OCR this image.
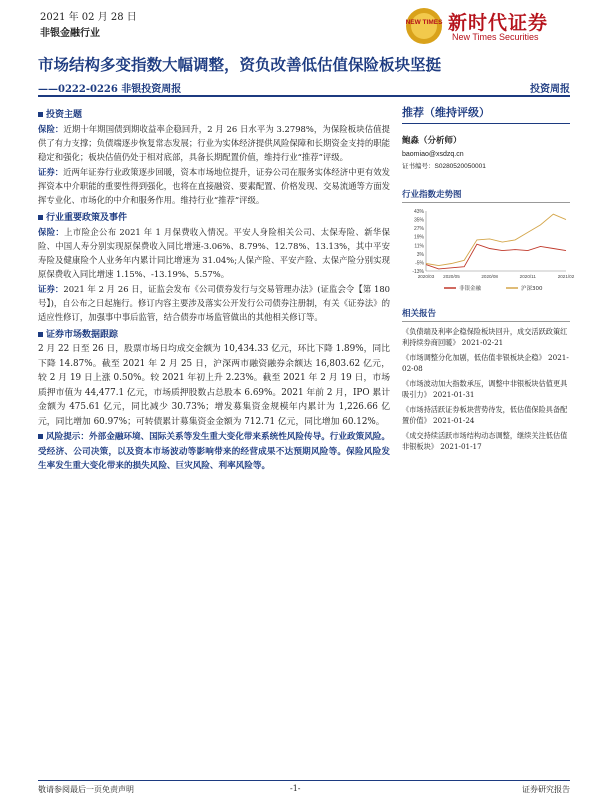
2021 年 02 月 28 日
非银金融行业
NEW TIMES 新时代证券
New Times Securities
市场结构多变指数大幅调整，资负改善低估值保险板块坚挺
——0222-0226 非银投资周报	投资周报
投资主题

保险：近期十年期国债到期收益率企稳回升，2 月 26 日水平为 3.2798%，为保险板块估值提供了有力支撑；负债端逐步恢复常态发展；行业为实体经济提供风险保障和长期资金支持的职能稳定和强化；板块估值仍处于相对底部，具备长期配置价值，维持行业“推荐”评级。

证券：近两年证券行业政策逐步回暖，资本市场地位提升，证券公司在服务实体经济中更有效发挥资本中介职能的重要性得到强化，也将在直接融资、要素配置、价格发现、交易流通等方面发挥专业化、市场化的中介和服务作用。维持行业“推荐”评级。

行业重要政策及事件

保险：上市险企公布 2021 年 1 月保费收入情况。平安人身险相关公司、太保寿险、新华保险、中国人寿分别实现原保费收入同比增速-3.06%、8.79%、12.78%、13.13%，其中平安寿险及健康险个人业务年内累计同比增速为 31.04%;人保产险、平安产险、太保产险分别实现原保费收入同比增速 1.15%、-13.19%、5.57%。

证券：2021 年 2 月 26 日，证监会发布《公司债券发行与交易管理办法》(证监会令【第 180 号】)，自公布之日起施行。修订内容主要涉及落实公开发行公司债券注册制，有关《证券法》的适应性修订，加强事中事后监管，结合债券市场监管做出的其他相关修订等。

证券市场数据跟踪

2 月 22 日至 26 日，股票市场日均成交金额为 10,434.33 亿元，环比下降 1.89%，同比下降 14.87%。截至 2021 年 2 月 25 日，沪深两市融资融券余额达 16,803.62 亿元，较 2 月 19 日上涨 0.50%。较 2021 年初上升 2.23%。截至 2021 年 2 月 19 日，市场质押市值为 44,477.1 亿元，市场质押股数占总股本 6.69%。2021 年前 2 月，IPO 累计金额为 475.61 亿元，同比减少 30.73%；增发募集资金规模年内累计为 1,226.66 亿元，同比增加 60.97%；可转债累计募集资金金额为 712.71 亿元，同比增加 60.12%。

风险提示：外部金融环境、国际关系等发生重大变化带来系统性风险传导。行业政策风险。受经济、公司决策，以及资本市场波动等影响带来的经营成果不达预期风险等。保险风险发生率发生重大变化带来的损失风险、巨灾风险、利率风险等。

推荐（维持评级）
鲍淼（分析师）
baomiao@xsdzq.cn
证书编号：S0280520050001
行业指数走势图
43%
35%
27%
19%
11%
3%
-5%
-13%
2020/03 2020/05	2020/08	2020/11	2021/02
非银金融	沪深300
相关报告
《负债端及利率企稳保险板块回升，成交活跃政策红利持续券商回暖》 2021-02-21
《市场调整分化加剧，低估值非银板块企稳》 2021-02-08
《市场波动加大指数承压，调整中非银板块估值更具吸引力》 2021-01-31
《市场持活跃证券板块营势待发，低估值保险具备配置价值》 2021-01-24
《成交持续活跃市场结构动态调整，继续关注低估值非银板块》 2021-01-17
敬请参阅最后一页免责声明	-1-	证券研究报告
